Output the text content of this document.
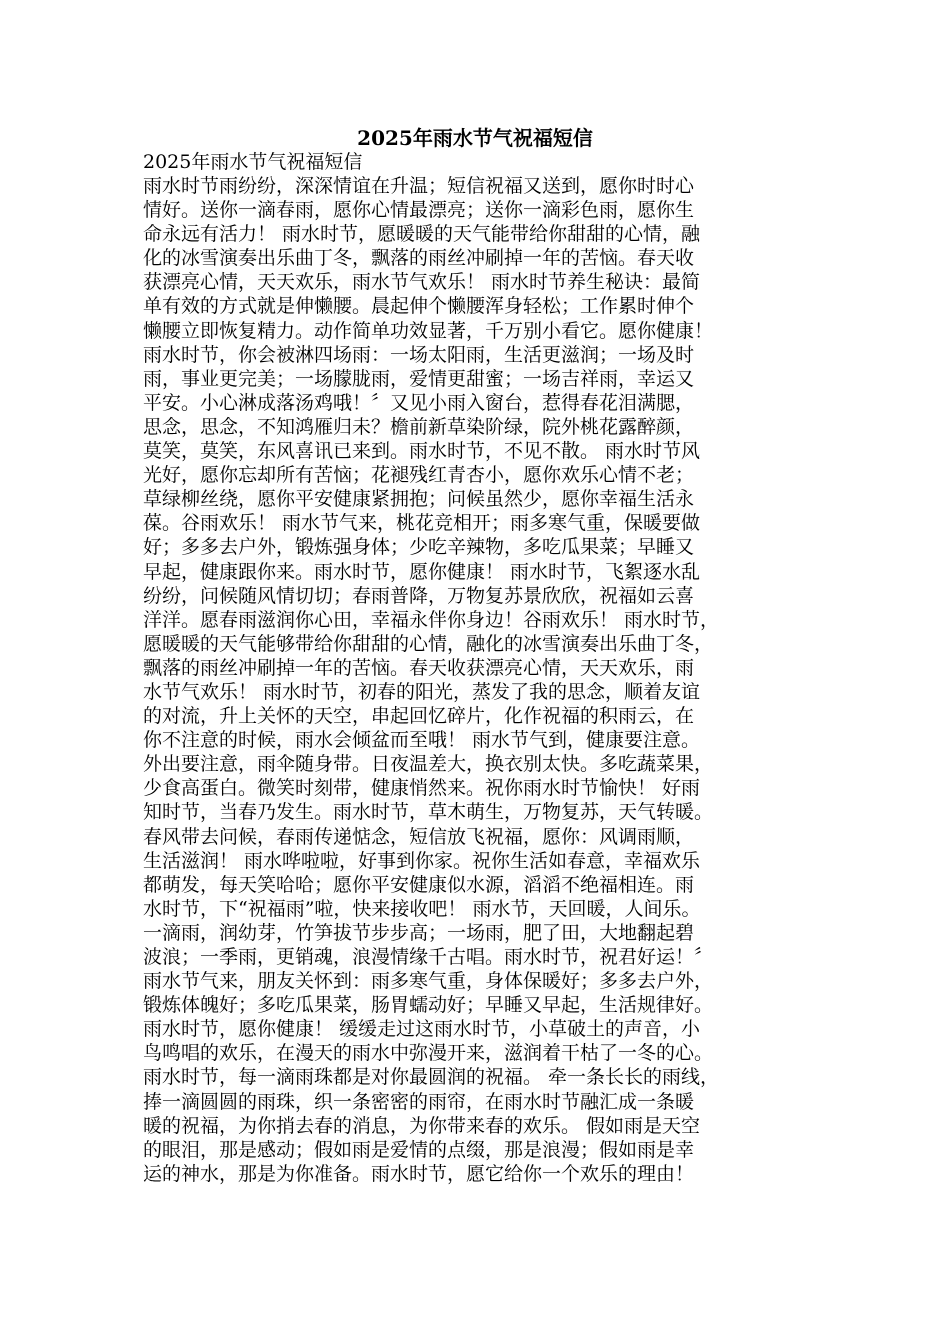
2025年雨水节气祝福短信
2025年雨水节气祝福短信
雨水时节雨纷纷，深深情谊在升温；短信祝福又送到，愿你时时心
情好。送你一滴春雨，愿你心情最漂亮；送你一滴彩色雨，愿你生
命永远有活力！ 雨水时节，愿暖暖的天气能带给你甜甜的心情，融
化的冰雪演奏出乐曲丁冬，飘落的雨丝冲刷掉一年的苦恼。春天收
获漂亮心情，天天欢乐，雨水节气欢乐！ 雨水时节养生秘诀：最简
单有效的方式就是伸懒腰。晨起伸个懒腰浑身轻松；工作累时伸个
懒腰立即恢复精力。动作简单功效显著，千万别小看它。愿你健康！
雨水时节，你会被淋四场雨：一场太阳雨，生活更滋润；一场及时
雨，事业更完美；一场朦胧雨，爱情更甜蜜；一场吉祥雨，幸运又
平安。小心淋成落汤鸡哦！〞又见小雨入窗台，惹得春花泪满腮，
思念，思念，不知鸿雁归未？檐前新草染阶绿，院外桃花露醉颜，
莫笑，莫笑，东风喜讯已来到。雨水时节，不见不散。 雨水时节风
光好，愿你忘却所有苦恼；花褪残红青杏小，愿你欢乐心情不老；
草绿柳丝绕，愿你平安健康紧拥抱；问候虽然少，愿你幸福生活永
葆。谷雨欢乐！ 雨水节气来，桃花竞相开；雨多寒气重，保暖要做
好；多多去户外，锻炼强身体；少吃辛辣物，多吃瓜果菜；早睡又
早起，健康跟你来。雨水时节，愿你健康！ 雨水时节，飞絮逐水乱
纷纷，问候随风情切切；春雨普降，万物复苏景欣欣，祝福如云喜
洋洋。愿春雨滋润你心田，幸福永伴你身边！谷雨欢乐！ 雨水时节，
愿暖暖的天气能够带给你甜甜的心情，融化的冰雪演奏出乐曲丁冬，
飘落的雨丝冲刷掉一年的苦恼。春天收获漂亮心情，天天欢乐，雨
水节气欢乐！ 雨水时节，初春的阳光，蒸发了我的思念，顺着友谊
的对流，升上关怀的天空，串起回忆碎片，化作祝福的积雨云，在
你不注意的时候，雨水会倾盆而至哦！ 雨水节气到，健康要注意。
外出要注意，雨伞随身带。日夜温差大，换衣别太快。多吃蔬菜果，
少食高蛋白。微笑时刻带，健康悄然来。祝你雨水时节愉快！ 好雨
知时节，当春乃发生。雨水时节，草木萌生，万物复苏，天气转暖。
春风带去问候，春雨传递惦念，短信放飞祝福，愿你：风调雨顺，
生活滋润！ 雨水哗啦啦，好事到你家。祝你生活如春意，幸福欢乐
都萌发，每天笑哈哈；愿你平安健康似水源，滔滔不绝福相连。雨
水时节，下“祝福雨”啦，快来接收吧！ 雨水节，天回暖，人间乐。
一滴雨，润幼芽，竹笋拔节步步高；一场雨，肥了田，大地翻起碧
波浪；一季雨，更销魂，浪漫情缘千古唱。雨水时节，祝君好运！〞
雨水节气来，朋友关怀到：雨多寒气重，身体保暖好；多多去户外，
锻炼体魄好；多吃瓜果菜，肠胃蠕动好；早睡又早起，生活规律好。
雨水时节，愿你健康！ 缓缓走过这雨水时节，小草破土的声音，小
鸟鸣唱的欢乐，在漫天的雨水中弥漫开来，滋润着干枯了一冬的心。
雨水时节，每一滴雨珠都是对你最圆润的祝福。 牵一条长长的雨线，
捧一滴圆圆的雨珠，织一条密密的雨帘，在雨水时节融汇成一条暖
暖的祝福，为你捎去春的消息，为你带来春的欢乐。 假如雨是天空
的眼泪，那是感动；假如雨是爱情的点缀，那是浪漫；假如雨是幸
运的神水，那是为你准备。雨水时节，愿它给你一个欢乐的理由！
